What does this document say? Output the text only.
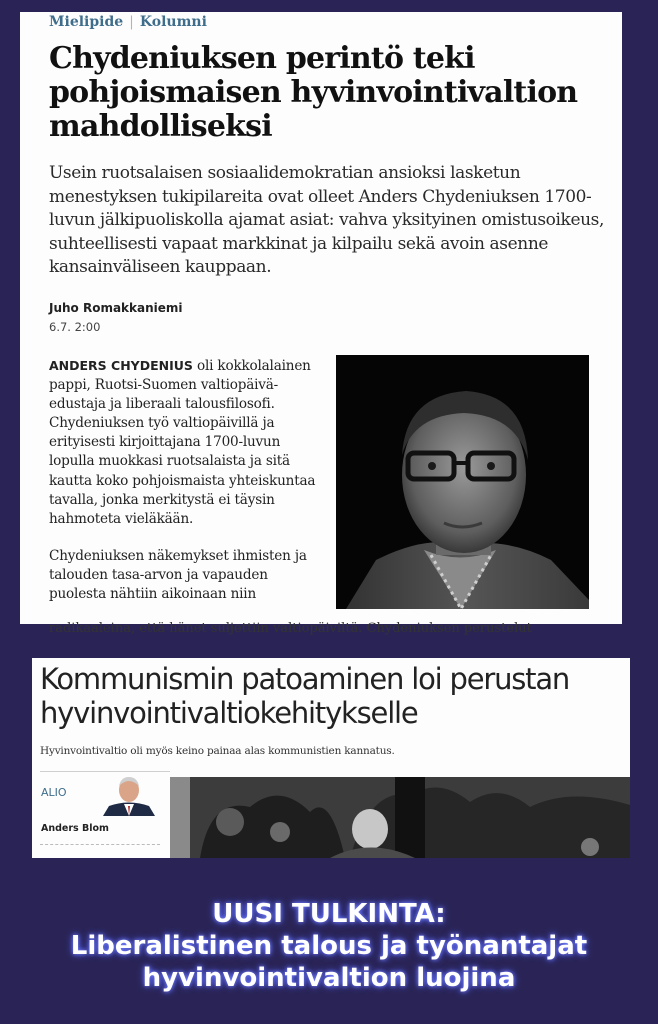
Mielipide | Kolumni
Chydeniuksen perintö teki pohjoismaisen hyvinvointivaltion mahdolliseksi

Usein ruotsalaisen sosiaalidemokratian ansioksi lasketun menestyksen tukipilareita ovat olleet Anders Chydeniuksen 1700-luvun jälkipuoliskolla ajamat asiat: vahva yksityinen omistusoikeus, suhteellisesti vapaat markkinat ja kilpailu sekä avoin asenne kansainväliseen kauppaan.

Juho Romakkaniemi
6.7. 2:00

ANDERS CHYDENIUS oli kokkolalainen pappi, Ruotsi-Suomen valtiopäivä-edustaja ja liberaali talousfilosofi. Chydeniuksen työ valtiopäivillä ja erityisesti kirjoittajana 1700-luvun lopulla muokkasi ruotsalaista ja sitä kautta koko pohjoismaista yhteiskuntaa tavalla, jonka merkitystä ei täysin hahmoteta vieläkään.

Chydeniuksen näkemykset ihmisten ja talouden tasa-arvon ja vapauden puolesta nähtiin aikoinaan niin

radikaaleina, että hänet suljettiin valtiopäiviltä. Chydeniuksen perustelut
Kommunismin patoaminen loi perustan hyvinvointivaltiokehitykselle
Hyvinvointivaltio oli myös keino painaa alas kommunistien kannatus.
ALIO
Anders Blom
UUSI TULKINTA:
Liberalistinen talous ja työnantajat
hyvinvointivaltion luojina
